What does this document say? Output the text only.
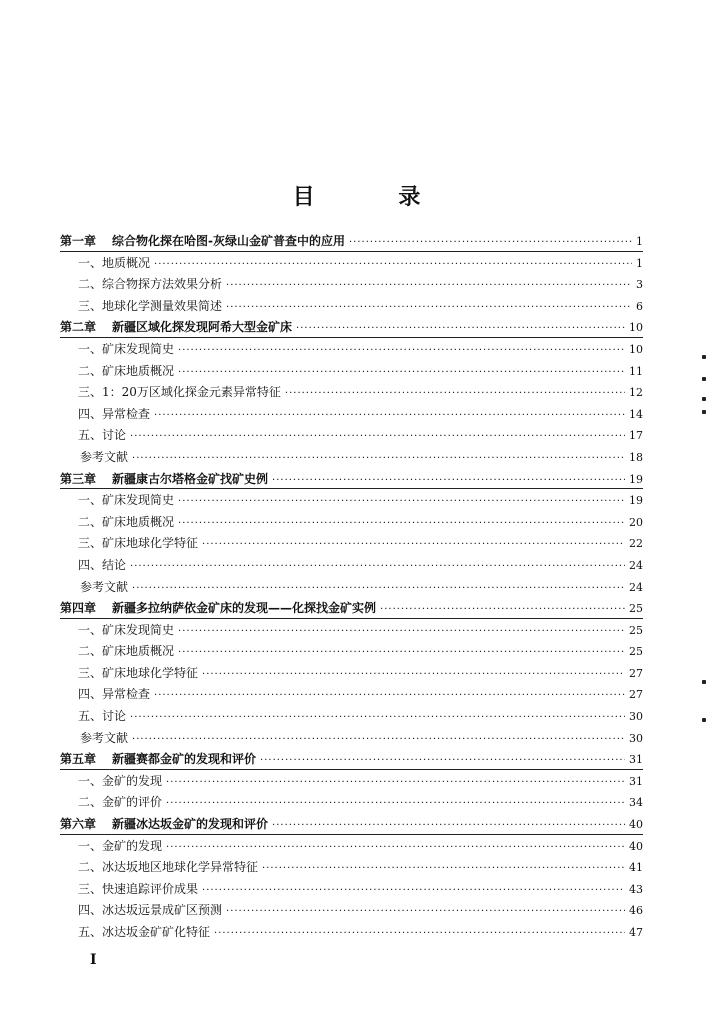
目 录
第一章 综合物化探在哈图-灰绿山金矿普查中的应用 ·····	1
一、地质概况 ·····	1
二、综合物探方法效果分析 ·····	3
三、地球化学测量效果简述 ·····	6
第二章 新疆区域化探发现阿希大型金矿床 ·····	10
一、矿床发现简史 ·····	10
二、矿床地质概况 ·····	11
三、1：20万区域化探金元素异常特征 ·····	12
四、异常检查 ·····	14
五、讨论 ·····	17
参考文献 ·····	18
第三章 新疆康古尔塔格金矿找矿史例 ·····	19
一、矿床发现简史 ·····	19
二、矿床地质概况 ·····	20
三、矿床地球化学特征 ·····	22
四、结论 ·····	24
参考文献 ·····	24
第四章 新疆多拉纳萨依金矿床的发现——化探找金矿实例 ·····	25
一、矿床发现简史 ·····	25
二、矿床地质概况 ·····	25
三、矿床地球化学特征 ·····	27
四、异常检查 ·····	27
五、讨论 ·····	30
参考文献 ·····	30
第五章 新疆赛都金矿的发现和评价 ·····	31
一、金矿的发现 ·····	31
二、金矿的评价 ·····	34
第六章 新疆冰达坂金矿的发现和评价 ·····	40
一、金矿的发现 ·····	40
二、冰达坂地区地球化学异常特征 ·····	41
三、快速追踪评价成果 ·····	43
四、冰达坂远景成矿区预测 ·····	46
五、冰达坂金矿矿化特征 ·····	47
I
